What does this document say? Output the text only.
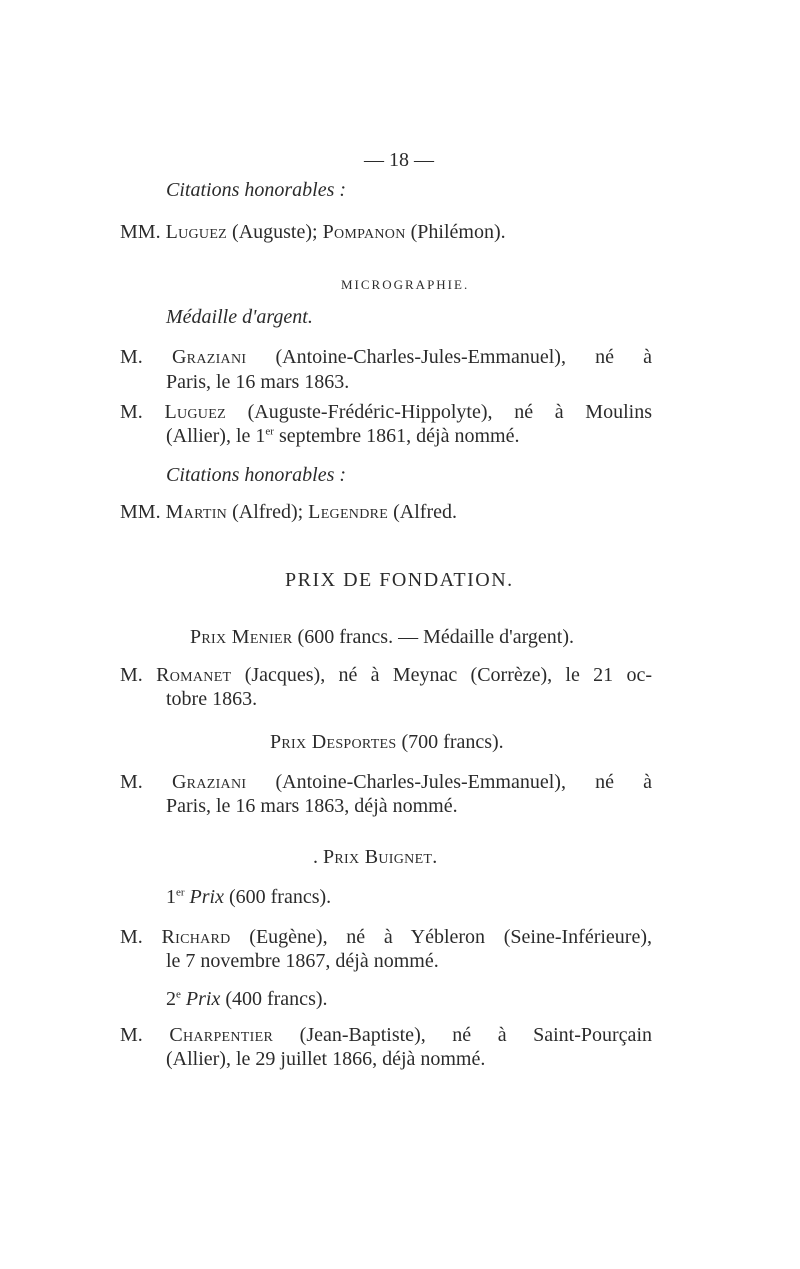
— 18 —
Citations honorables :
MM. Luguez (Auguste); Pompanon (Philémon).
MICROGRAPHIE.
Médaille d'argent.
M. Graziani (Antoine-Charles-Jules-Emmanuel), né à
Paris, le 16 mars 1863.
M. Luguez (Auguste-Frédéric-Hippolyte), né à Moulins
(Allier), le 1er septembre 1861, déjà nommé.
Citations honorables :
MM. Martin (Alfred); Legendre (Alfred.
PRIX DE FONDATION.
Prix Menier (600 francs. — Médaille d'argent).
M. Romanet (Jacques), né à Meynac (Corrèze), le 21 oc-
tobre 1863.
Prix Desportes (700 francs).
M. Graziani (Antoine-Charles-Jules-Emmanuel), né à
Paris, le 16 mars 1863, déjà nommé.
. Prix Buignet.
1er Prix (600 francs).
M. Richard (Eugène), né à Yébleron (Seine-Inférieure),
le 7 novembre 1867, déjà nommé.
2e Prix (400 francs).
M. Charpentier (Jean-Baptiste), né à Saint-Pourçain
(Allier), le 29 juillet 1866, déjà nommé.
